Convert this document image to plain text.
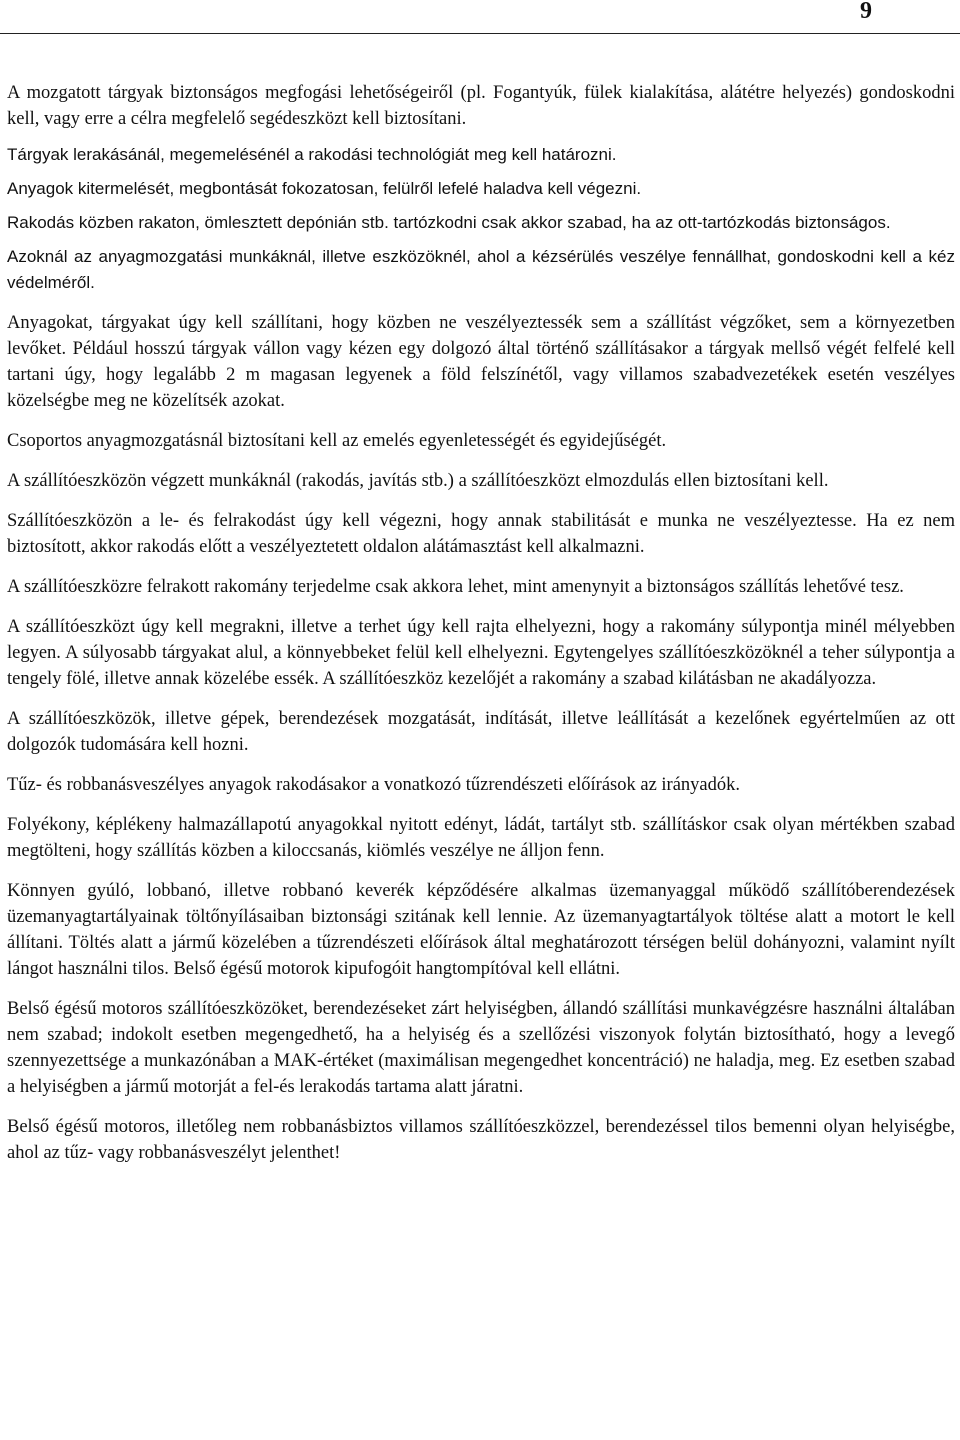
9

A mozgatott tárgyak biztonságos megfogási lehetőségeiről (pl. Fogantyúk, fülek kialakítása, alátétre helyezés) gondoskodni kell, vagy erre a célra megfelelő segédeszközt kell biztosítani.

Tárgyak lerakásánál, megemelésénél a rakodási technológiát meg kell határozni.

Anyagok kitermelését, megbontását fokozatosan, felülről lefelé haladva kell végezni.

Rakodás közben rakaton, ömlesztett depónián stb. tartózkodni csak akkor szabad, ha az ott-tartózkodás biztonságos.

Azoknál az anyagmozgatási munkáknál, illetve eszközöknél, ahol a kézsérülés veszélye fennállhat, gondoskodni kell a kéz védelméről.

Anyagokat, tárgyakat úgy kell szállítani, hogy közben ne veszélyeztessék sem a szállítást végzőket, sem a környezetben levőket. Például hosszú tárgyak vállon vagy kézen egy dolgozó által történő szállításakor a tárgyak mellső végét felfelé kell tartani úgy, hogy legalább 2 m magasan legyenek a föld felszínétől, vagy villamos szabadvezetékek esetén veszélyes közelségbe meg ne közelítsék azokat.

Csoportos anyagmozgatásnál biztosítani kell az emelés egyenletességét és egyidejűségét.

A szállítóeszközön végzett munkáknál (rakodás, javítás stb.) a szállítóeszközt elmozdulás ellen biztosítani kell.

Szállítóeszközön a le- és felrakodást úgy kell végezni, hogy annak stabilitását e munka ne veszélyeztesse. Ha ez nem biztosított, akkor rakodás előtt a veszélyeztetett oldalon alátámasztást kell alkalmazni.

A szállítóeszközre felrakott rakomány terjedelme csak akkora lehet, mint amenynyit a biztonságos szállítás lehetővé tesz.

A szállítóeszközt úgy kell megrakni, illetve a terhet úgy kell rajta elhelyezni, hogy a rakomány súlypontja minél mélyebben legyen. A súlyosabb tárgyakat alul, a könnyebbeket felül kell elhelyezni. Egytengelyes szállítóeszközöknél a teher súlypontja a tengely fölé, illetve annak közelébe essék. A szállítóeszköz kezelőjét a rakomány a szabad kilátásban ne akadályozza.

A szállítóeszközök, illetve gépek, berendezések mozgatását, indítását, illetve leállítását a kezelőnek egyértelműen az ott dolgozók tudomására kell hozni.

Tűz- és robbanásveszélyes anyagok rakodásakor a vonatkozó tűzrendészeti előírások az irányadók.

Folyékony, képlékeny halmazállapotú anyagokkal nyitott edényt, ládát, tartályt stb. szállításkor csak olyan mértékben szabad megtölteni, hogy szállítás közben a kiloccsanás, kiömlés veszélye ne álljon fenn.

Könnyen gyúló, lobbanó, illetve robbanó keverék képződésére alkalmas üzemanyaggal működő szállítóberendezések üzemanyagtartályainak töltőnyílásaiban biztonsági szitának kell lennie. Az üzemanyagtartályok töltése alatt a motort le kell állítani. Töltés alatt a jármű közelében a tűzrendészeti előírások által meghatározott térségen belül dohányozni, valamint nyílt lángot használni tilos. Belső égésű motorok kipufogóit hangtompítóval kell ellátni.

Belső égésű motoros szállítóeszközöket, berendezéseket zárt helyiségben, állandó szállítási munkavégzésre használni általában nem szabad; indokolt esetben megengedhető, ha a helyiség és a szellőzési viszonyok folytán biztosítható, hogy a levegő szennyezettsége a munkazónában a MAK-értéket (maximálisan megengedhet koncentráció) ne haladja, meg. Ez esetben szabad a helyiségben a jármű motorját a fel-és lerakodás tartama alatt járatni.

Belső égésű motoros, illetőleg nem robbanásbiztos villamos szállítóeszközzel, berendezéssel tilos bemenni olyan helyiségbe, ahol az tűz- vagy robbanásveszélyt jelenthet!
